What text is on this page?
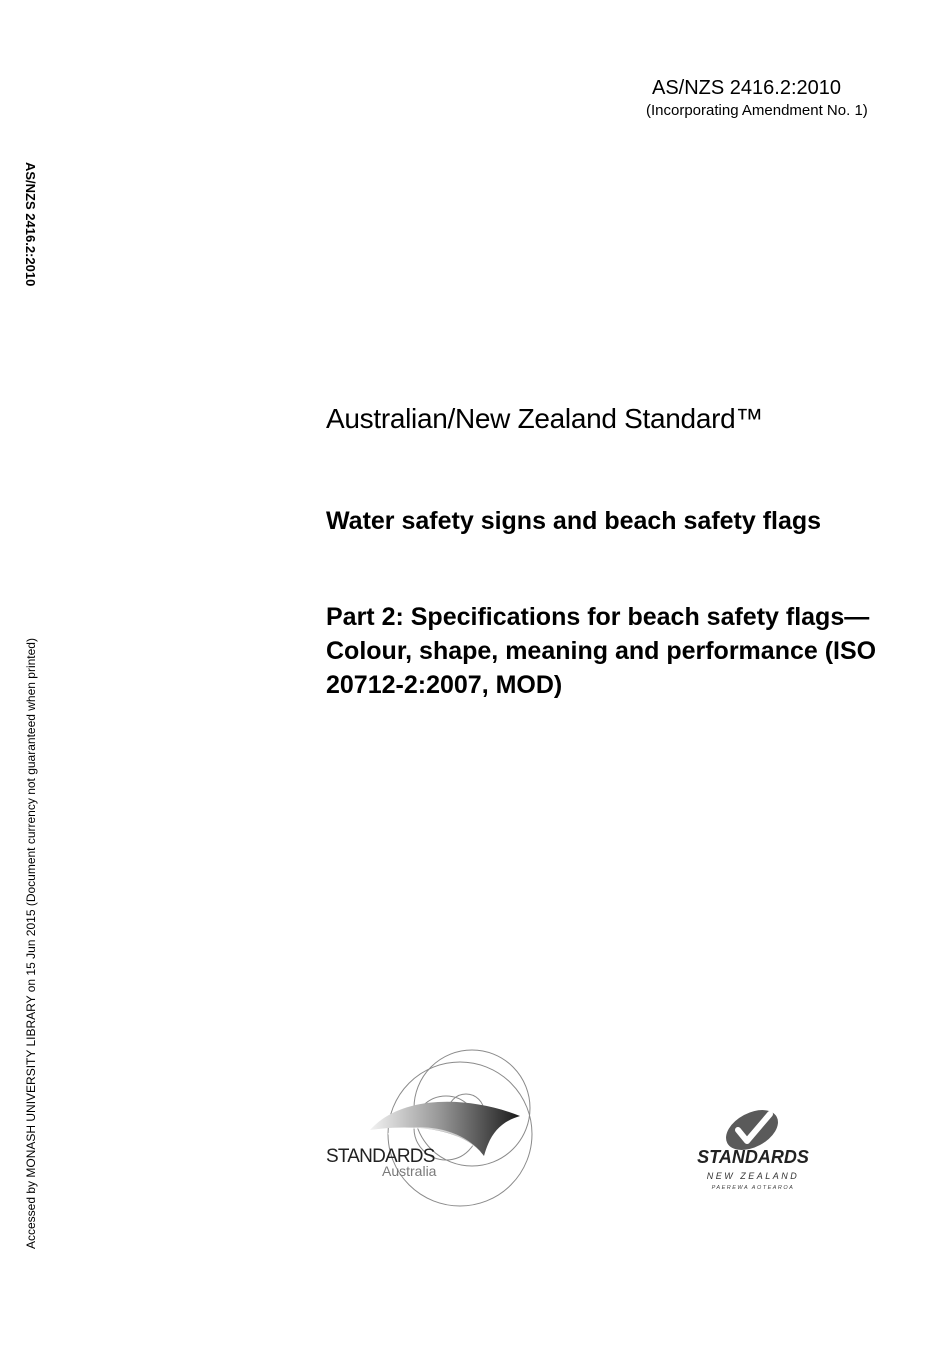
AS/NZS 2416.2:2010
(Incorporating Amendment No. 1)
AS/NZS 2416.2:2010
Accessed by MONASH UNIVERSITY LIBRARY on 15 Jun 2015 (Document currency not guaranteed when printed)
Australian/New Zealand Standard™
Water safety signs and beach safety flags
Part 2: Specifications for beach safety flags—Colour, shape, meaning and performance (ISO 20712-2:2007, MOD)
STANDARDS
Australia
STANDARDS
NEW ZEALAND
PAEREWA AOTEAROA
